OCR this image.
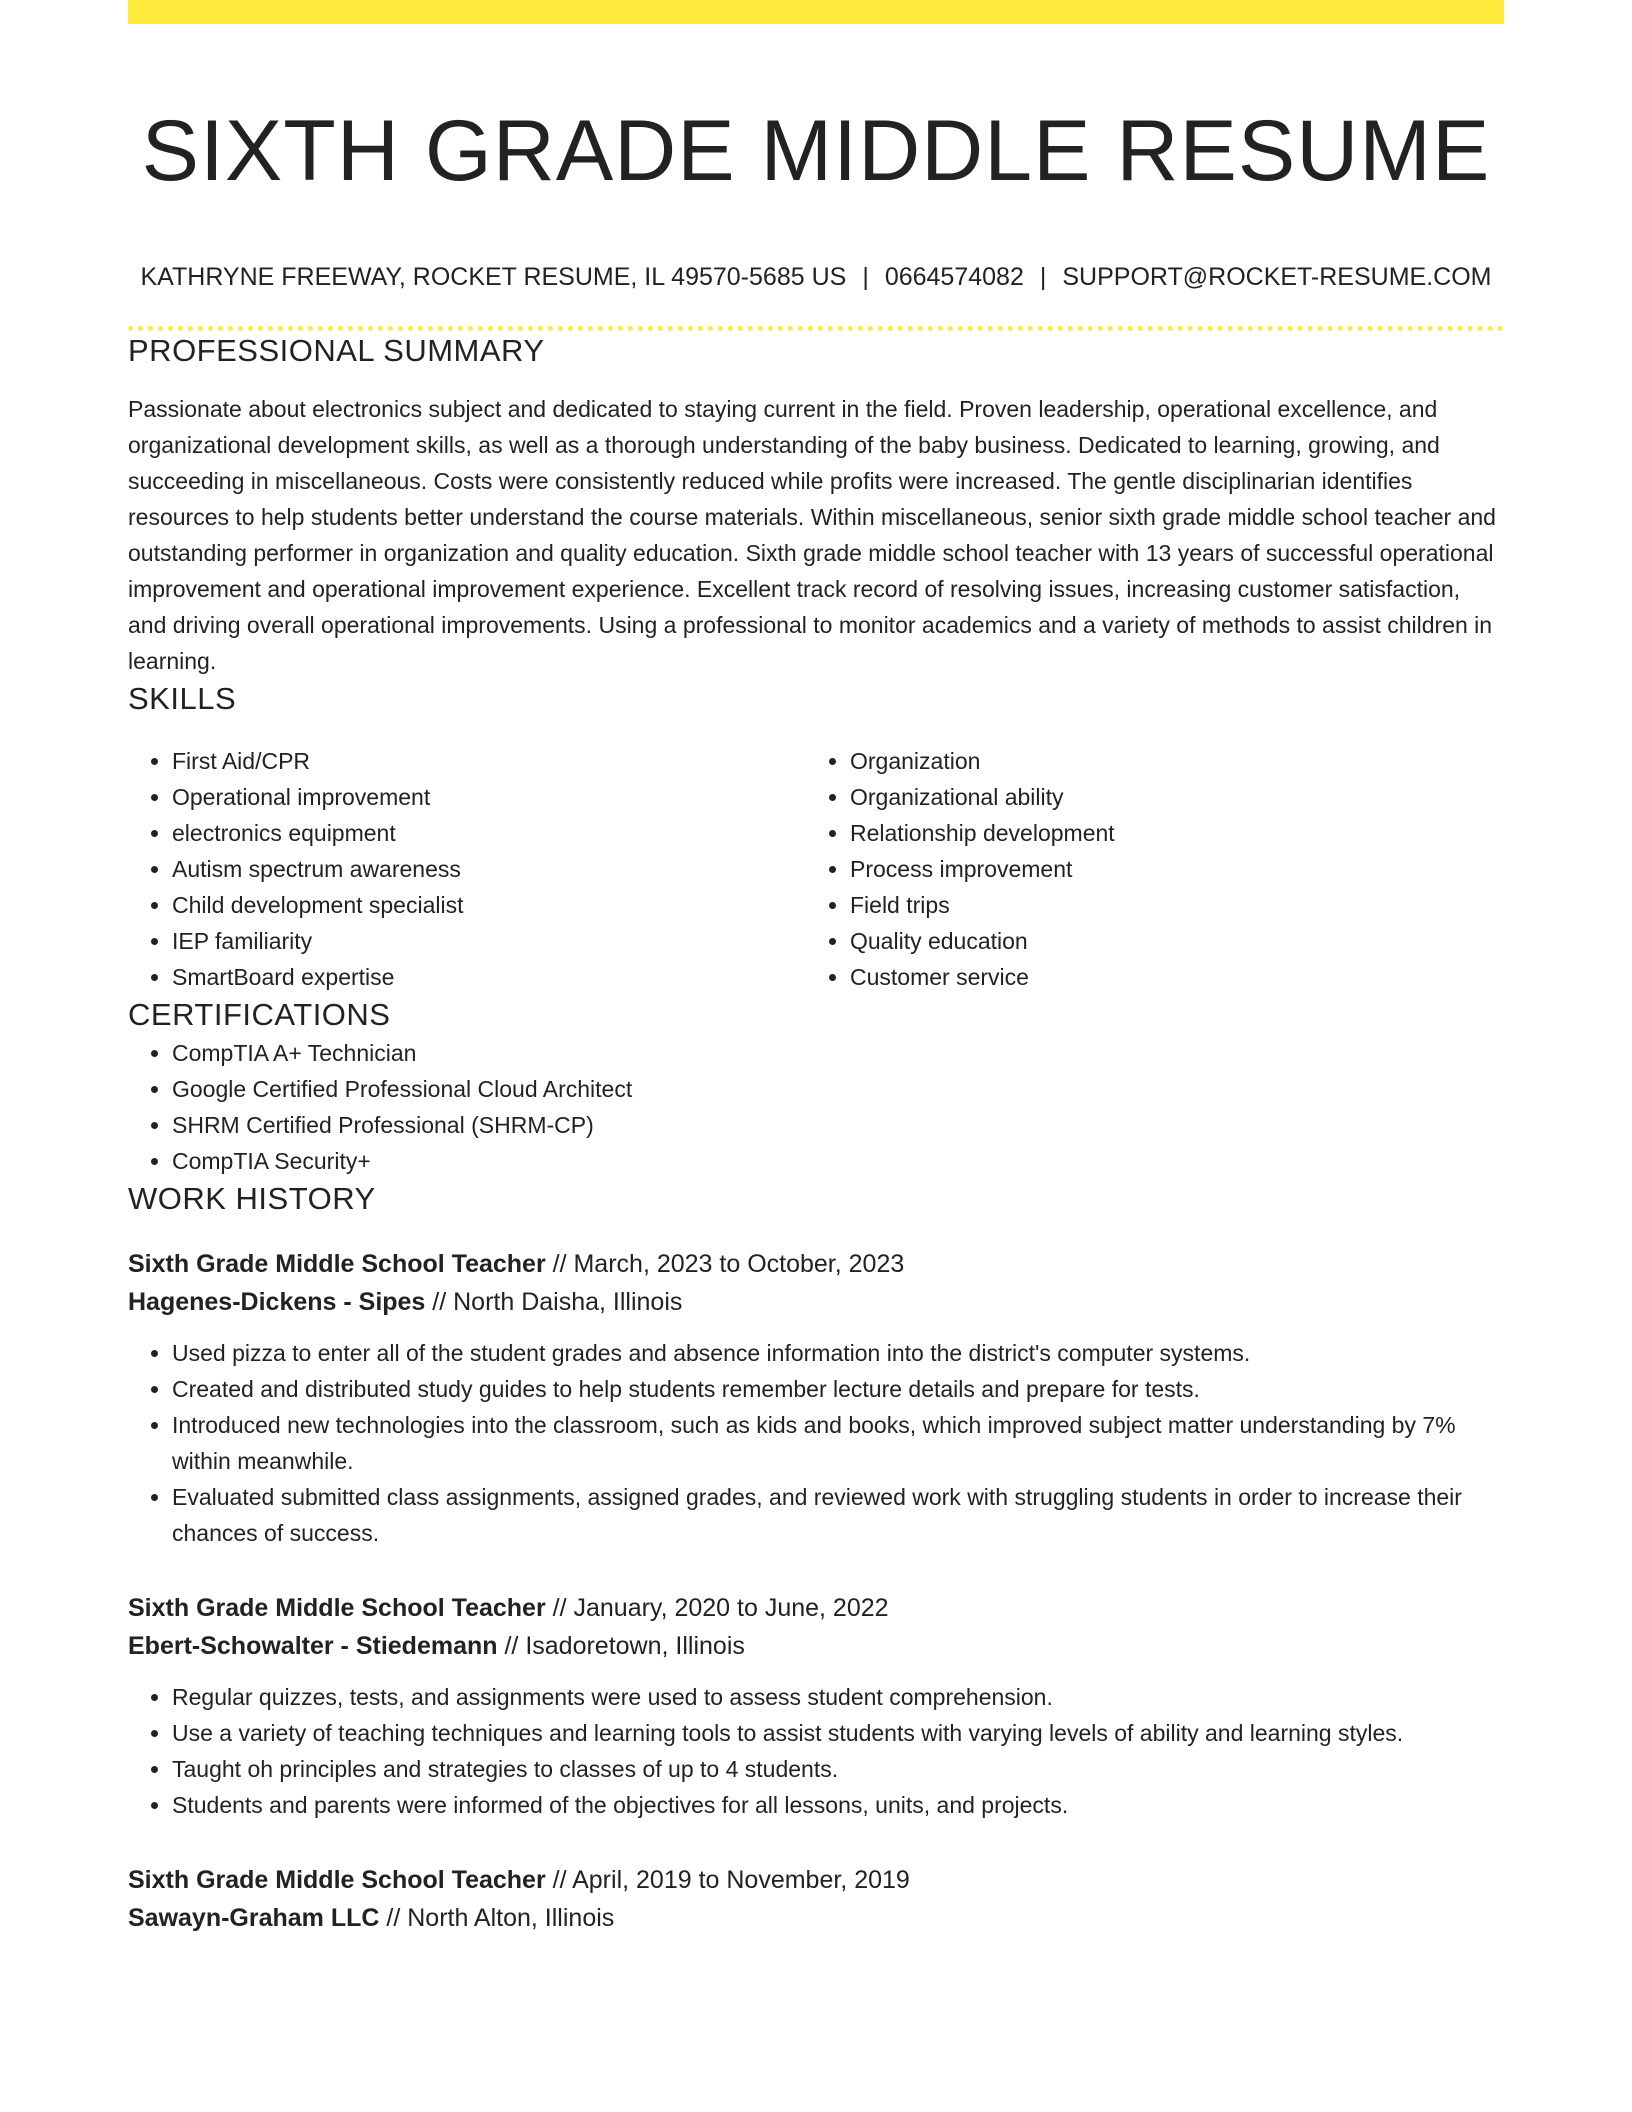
SIXTH GRADE MIDDLE RESUME
KATHRYNE FREEWAY, ROCKET RESUME, IL 49570-5685 US | 0664574082 | SUPPORT@ROCKET-RESUME.COM
PROFESSIONAL SUMMARY

Passionate about electronics subject and dedicated to staying current in the field. Proven leadership, operational excellence, and organizational development skills, as well as a thorough understanding of the baby business. Dedicated to learning, growing, and succeeding in miscellaneous. Costs were consistently reduced while profits were increased. The gentle disciplinarian identifies resources to help students better understand the course materials. Within miscellaneous, senior sixth grade middle school teacher and outstanding performer in organization and quality education. Sixth grade middle school teacher with 13 years of successful operational improvement and operational improvement experience. Excellent track record of resolving issues, increasing customer satisfaction, and driving overall operational improvements. Using a professional to monitor academics and a variety of methods to assist children in learning.

SKILLS
• First Aid/CPR
• Operational improvement
• electronics equipment
• Autism spectrum awareness
• Child development specialist
• IEP familiarity
• SmartBoard expertise
• Organization
• Organizational ability
• Relationship development
• Process improvement
• Field trips
• Quality education
• Customer service
CERTIFICATIONS
• CompTIA A+ Technician
• Google Certified Professional Cloud Architect
• SHRM Certified Professional (SHRM-CP)
• CompTIA Security+
WORK HISTORY
Sixth Grade Middle School Teacher // March, 2023 to October, 2023
Hagenes-Dickens - Sipes // North Daisha, Illinois
• Used pizza to enter all of the student grades and absence information into the district's computer systems.
• Created and distributed study guides to help students remember lecture details and prepare for tests.
• Introduced new technologies into the classroom, such as kids and books, which improved subject matter understanding by 7% within meanwhile.
• Evaluated submitted class assignments, assigned grades, and reviewed work with struggling students in order to increase their chances of success.
Sixth Grade Middle School Teacher // January, 2020 to June, 2022
Ebert-Schowalter - Stiedemann // Isadoretown, Illinois
• Regular quizzes, tests, and assignments were used to assess student comprehension.
• Use a variety of teaching techniques and learning tools to assist students with varying levels of ability and learning styles.
• Taught oh principles and strategies to classes of up to 4 students.
• Students and parents were informed of the objectives for all lessons, units, and projects.
Sixth Grade Middle School Teacher // April, 2019 to November, 2019
Sawayn-Graham LLC // North Alton, Illinois
